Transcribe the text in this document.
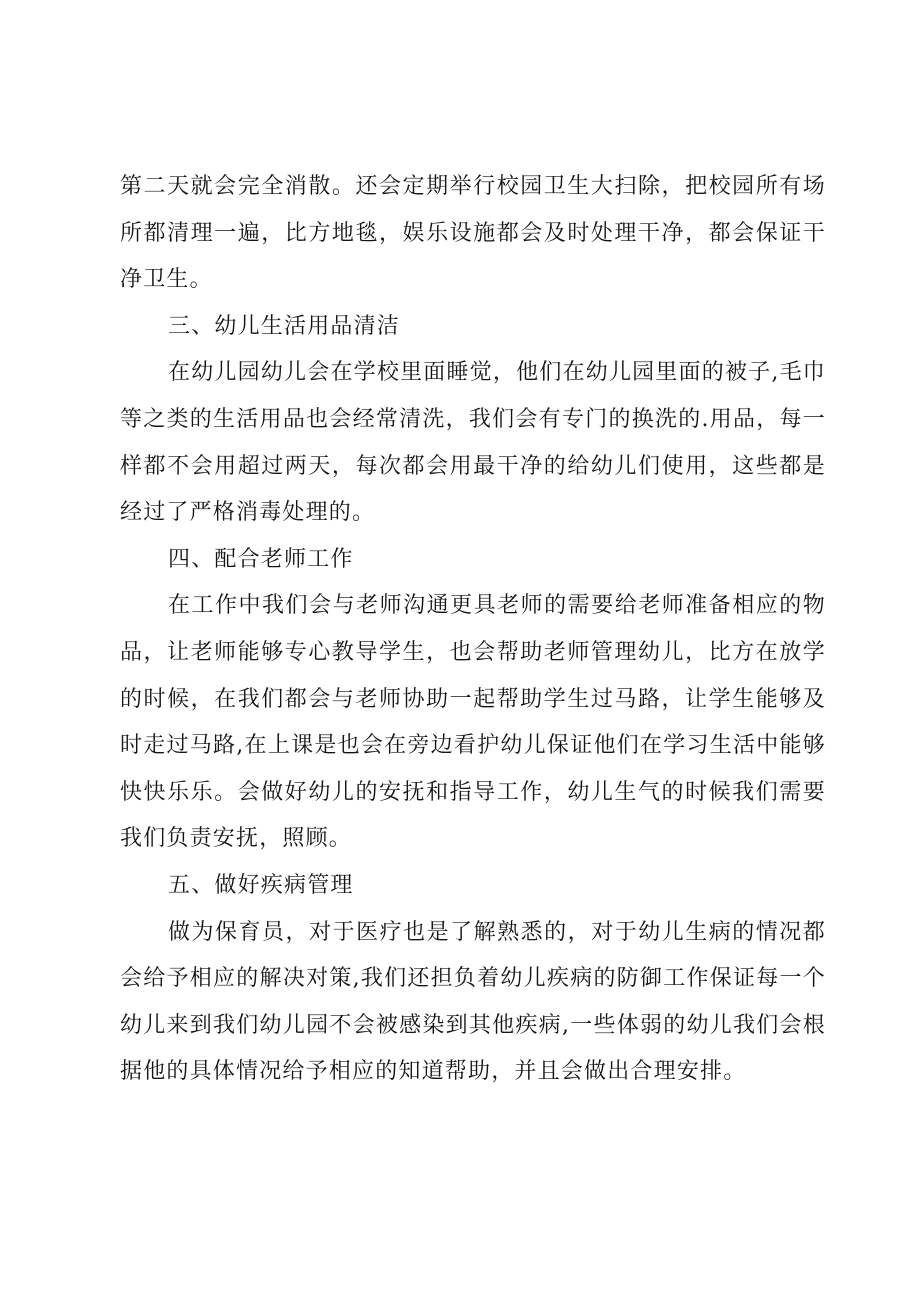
第二天就会完全消散。还会定期举行校园卫生大扫除，把校园所有场所都清理一遍，比方地毯，娱乐设施都会及时处理干净，都会保证干净卫生。

三、幼儿生活用品清洁

在幼儿园幼儿会在学校里面睡觉，他们在幼儿园里面的被子,毛巾等之类的生活用品也会经常清洗，我们会有专门的换洗的.用品，每一样都不会用超过两天，每次都会用最干净的给幼儿们使用，这些都是经过了严格消毒处理的。

四、配合老师工作

在工作中我们会与老师沟通更具老师的需要给老师准备相应的物品，让老师能够专心教导学生，也会帮助老师管理幼儿，比方在放学的时候，在我们都会与老师协助一起帮助学生过马路，让学生能够及时走过马路,在上课是也会在旁边看护幼儿保证他们在学习生活中能够快快乐乐。会做好幼儿的安抚和指导工作，幼儿生气的时候我们需要我们负责安抚，照顾。

五、做好疾病管理

做为保育员，对于医疗也是了解熟悉的，对于幼儿生病的情况都会给予相应的解决对策,我们还担负着幼儿疾病的防御工作保证每一个幼儿来到我们幼儿园不会被感染到其他疾病,一些体弱的幼儿我们会根据他的具体情况给予相应的知道帮助，并且会做出合理安排。
